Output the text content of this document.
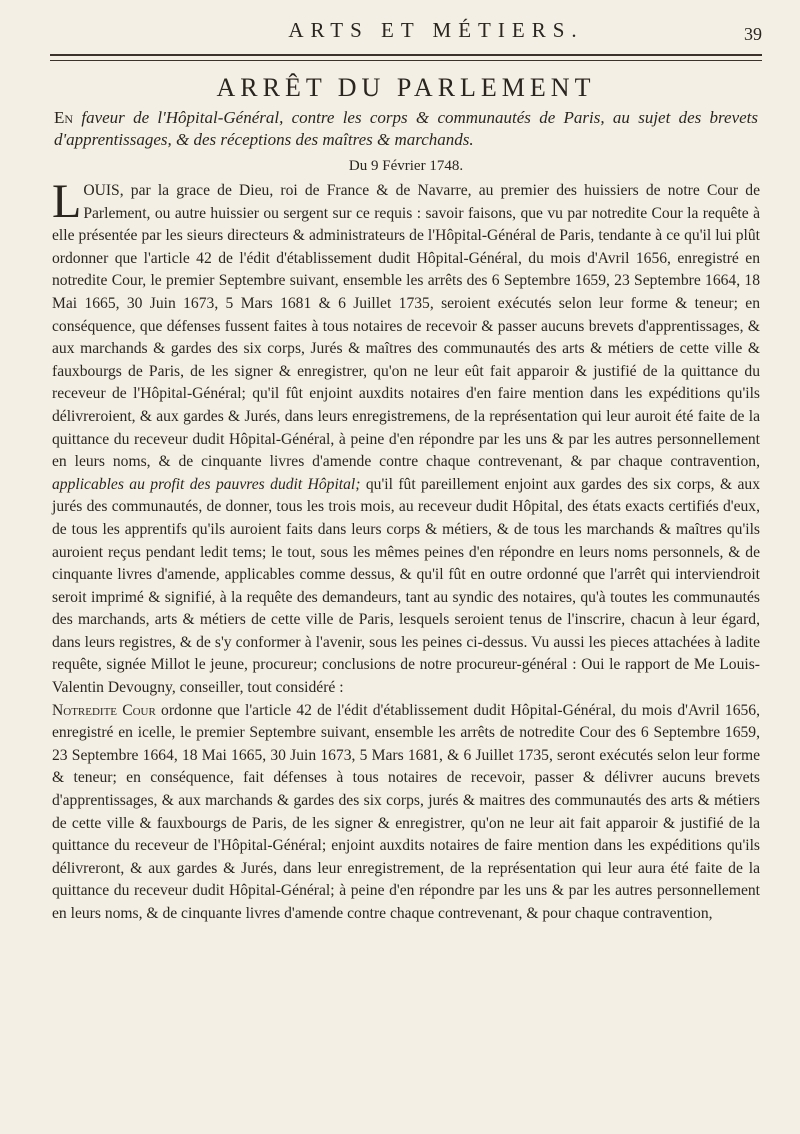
ARTS ET MÉTIERS.	39
ARRÊT DU PARLEMENT
En faveur de l'Hôpital-Général, contre les corps & communautés de Paris, au sujet des brevets d'apprentissages, & des réceptions des maîtres & marchands.
Du 9 Février 1748.

LOUIS, par la grace de Dieu, roi de France & de Navarre, au premier des huissiers de notre Cour de Parlement, ou autre huissier ou sergent sur ce requis : savoir faisons, que vu par notredite Cour la requête à elle présentée par les sieurs directeurs & administrateurs de l'Hôpital-Général de Paris, tendante à ce qu'il lui plût ordonner que l'article 42 de l'édit d'établissement dudit Hôpital-Général, du mois d'Avril 1656, enregistré en notredite Cour, le premier Septembre suivant, ensemble les arrêts des 6 Septembre 1659, 23 Septembre 1664, 18 Mai 1665, 30 Juin 1673, 5 Mars 1681 & 6 Juillet 1735, seroient exécutés selon leur forme & teneur; en conséquence, que défenses fussent faites à tous notaires de recevoir & passer aucuns brevets d'apprentissages, & aux marchands & gardes des six corps, Jurés & maîtres des communautés des arts & métiers de cette ville & fauxbourgs de Paris, de les signer & enregistrer, qu'on ne leur eût fait apparoir & justifié de la quittance du receveur de l'Hôpital-Général; qu'il fût enjoint auxdits notaires d'en faire mention dans les expéditions qu'ils délivreroient, & aux gardes & Jurés, dans leurs enregistremens, de la représentation qui leur auroit été faite de la quittance du receveur dudit Hôpital-Général, à peine d'en répondre par les uns & par les autres personnellement en leurs noms, & de cinquante livres d'amende contre chaque contrevenant, & par chaque contravention, applicables au profit des pauvres dudit Hôpital; qu'il fût pareillement enjoint aux gardes des six corps, & aux jurés des communautés, de donner, tous les trois mois, au receveur dudit Hôpital, des états exacts certifiés d'eux, de tous les apprentifs qu'ils auroient faits dans leurs corps & métiers, & de tous les marchands & maîtres qu'ils auroient reçus pendant ledit tems; le tout, sous les mêmes peines d'en répondre en leurs noms personnels, & de cinquante livres d'amende, applicables comme dessus, & qu'il fût en outre ordonné que l'arrêt qui interviendroit seroit imprimé & signifié, à la requête des demandeurs, tant au syndic des notaires, qu'à toutes les communautés des marchands, arts & métiers de cette ville de Paris, lesquels seroient tenus de l'inscrire, chacun à leur égard, dans leurs registres, & de s'y conformer à l'avenir, sous les peines ci-dessus. Vu aussi les pieces attachées à ladite requête, signée Millot le jeune, procureur; conclusions de notre procureur-général : Oui le rapport de Me Louis-Valentin Devougny, conseiller, tout considéré :

Notredite Cour ordonne que l'article 42 de l'édit d'établissement dudit Hôpital-Général, du mois d'Avril 1656, enregistré en icelle, le premier Septembre suivant, ensemble les arrêts de notredite Cour des 6 Septembre 1659, 23 Septembre 1664, 18 Mai 1665, 30 Juin 1673, 5 Mars 1681, & 6 Juillet 1735, seront exécutés selon leur forme & teneur; en conséquence, fait défenses à tous notaires de recevoir, passer & délivrer aucuns brevets d'apprentissages, & aux marchands & gardes des six corps, jurés & maitres des communautés des arts & métiers de cette ville & fauxbourgs de Paris, de les signer & enregistrer, qu'on ne leur ait fait apparoir & justifié de la quittance du receveur de l'Hôpital-Général; enjoint auxdits notaires de faire mention dans les expéditions qu'ils délivreront, & aux gardes & Jurés, dans leur enregistrement, de la représentation qui leur aura été faite de la quittance du receveur dudit Hôpital-Général; à peine d'en répondre par les uns & par les autres personnellement en leurs noms, & de cinquante livres d'amende contre chaque contrevenant, & pour chaque contravention,
